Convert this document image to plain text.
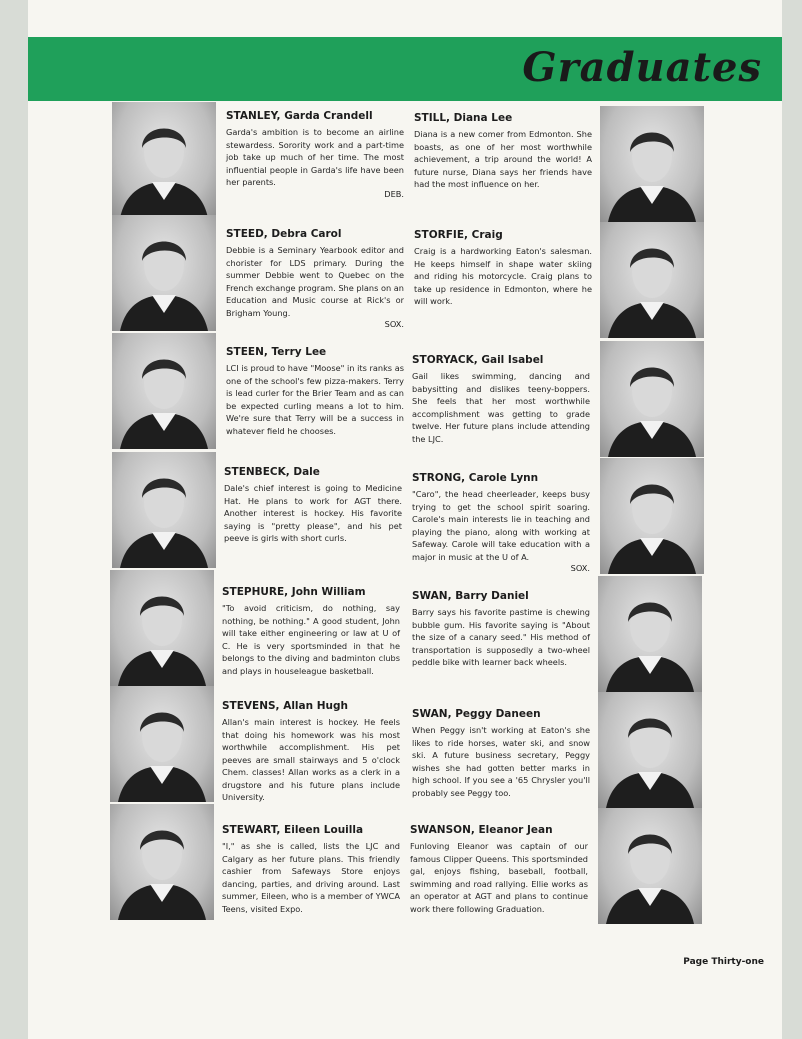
Graduates

STANLEY, Garda Crandell

Garda's ambition is to become an airline stewardess. Sorority work and a part-time job take up much of her time. The most influential people in Garda's life have been her parents.

DEB.

STEED, Debra Carol

Debbie is a Seminary Yearbook editor and chorister for LDS primary. During the summer Debbie went to Quebec on the French exchange program. She plans on an Education and Music course at Rick's or Brigham Young.

SOX.

STEEN, Terry Lee

LCI is proud to have "Moose" in its ranks as one of the school's few pizza-makers. Terry is lead curler for the Brier Team and as can be expected curling means a lot to him. We're sure that Terry will be a success in whatever field he chooses.

STENBECK, Dale

Dale's chief interest is going to Medicine Hat. He plans to work for AGT there. Another interest is hockey. His favorite saying is "pretty please", and his pet peeve is girls with short curls.

STEPHURE, John William

"To avoid criticism, do nothing, say nothing, be nothing." A good student, John will take either engineering or law at U of C. He is very sportsminded in that he belongs to the diving and badminton clubs and plays in houseleague basketball.

STEVENS, Allan Hugh

Allan's main interest is hockey. He feels that doing his homework was his most worthwhile accomplishment. His pet peeves are small stairways and 5 o'clock Chem. classes! Allan works as a clerk in a drugstore and his future plans include University.

STEWART, Eileen Louilla

"I," as she is called, lists the LJC and Calgary as her future plans. This friendly cashier from Safeways Store enjoys dancing, parties, and driving around. Last summer, Eileen, who is a member of YWCA Teens, visited Expo.

STILL, Diana Lee

Diana is a new comer from Edmonton. She boasts, as one of her most worthwhile achievement, a trip around the world! A future nurse, Diana says her friends have had the most influence on her.

STORFIE, Craig

Craig is a hardworking Eaton's salesman. He keeps himself in shape water skiing and riding his motorcycle. Craig plans to take up residence in Edmonton, where he will work.

STORYACK, Gail Isabel

Gail likes swimming, dancing and babysitting and dislikes teeny-boppers. She feels that her most worthwhile accomplishment was getting to grade twelve. Her future plans include attending the LJC.

STRONG, Carole Lynn

"Caro", the head cheerleader, keeps busy trying to get the school spirit soaring. Carole's main interests lie in teaching and playing the piano, along with working at Safeway. Carole will take education with a major in music at the U of A.

SOX.

SWAN, Barry Daniel

Barry says his favorite pastime is chewing bubble gum. His favorite saying is "About the size of a canary seed." His method of transportation is supposedly a two-wheel peddle bike with learner back wheels.

SWAN, Peggy Daneen

When Peggy isn't working at Eaton's she likes to ride horses, water ski, and snow ski. A future business secretary, Peggy wishes she had gotten better marks in high school. If you see a '65 Chrysler you'll probably see Peggy too.

SWANSON, Eleanor Jean

Funloving Eleanor was captain of our famous Clipper Queens. This sportsminded gal, enjoys fishing, baseball, football, swimming and road rallying. Ellie works as an operator at AGT and plans to continue work there following Graduation.

Page Thirty-one
